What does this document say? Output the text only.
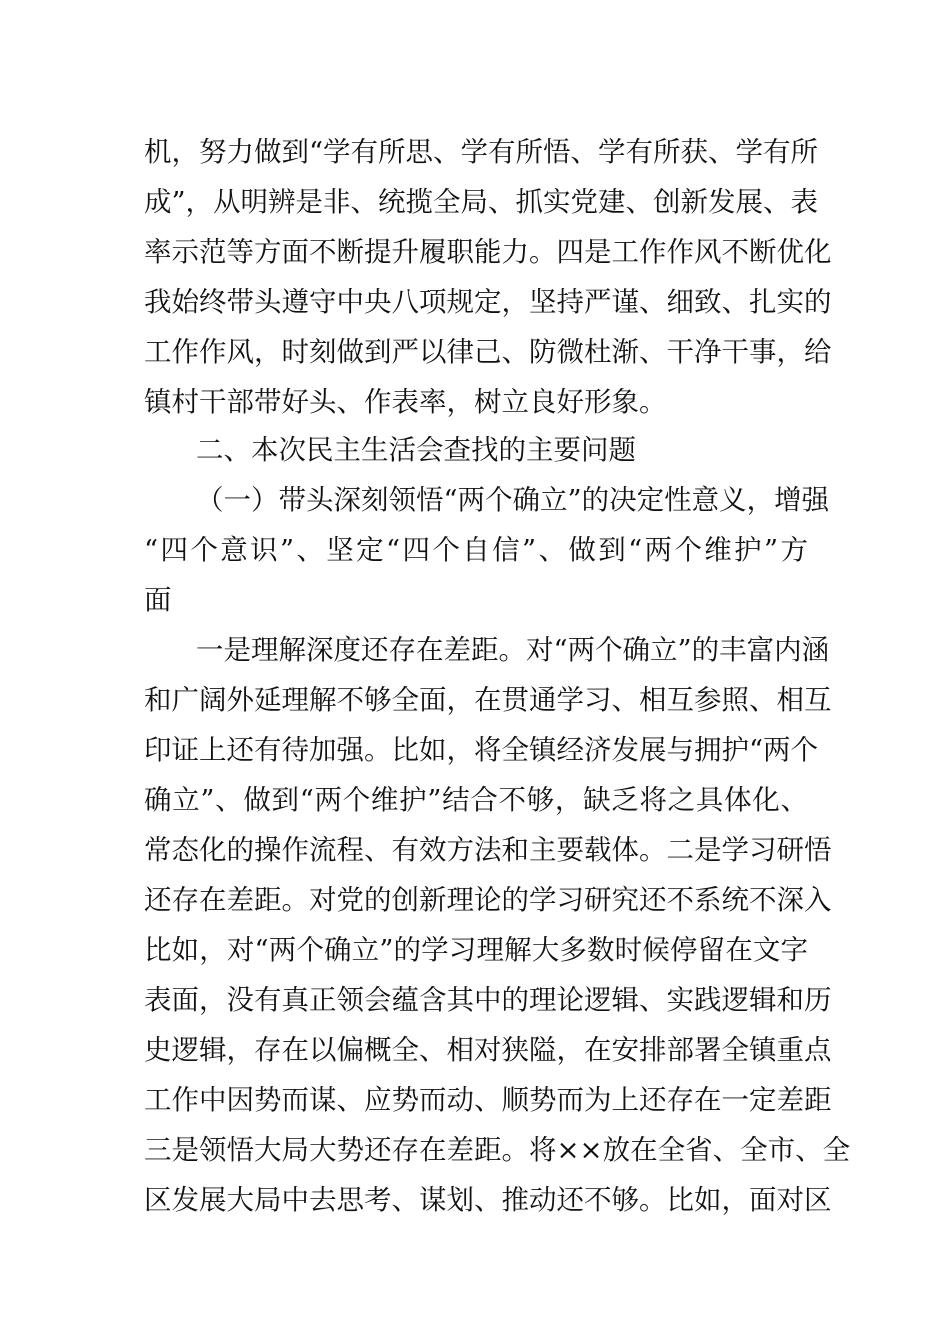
机，努力做到“学有所思、学有所悟、学有所获、学有所
成”，从明辨是非、统揽全局、抓实党建、创新发展、表
率示范等方面不断提升履职能力。四是工作作风不断优化
我始终带头遵守中央八项规定，坚持严谨、细致、扎实的
工作作风，时刻做到严以律己、防微杜渐、干净干事，给
镇村干部带好头、作表率，树立良好形象。
二、本次民主生活会查找的主要问题
（一）带头深刻领悟“两个确立”的决定性意义，增强
“四个意识”、坚定“四个自信”、做到“两个维护”方
面
一是理解深度还存在差距。对“两个确立”的丰富内涵
和广阔外延理解不够全面，在贯通学习、相互参照、相互
印证上还有待加强。比如，将全镇经济发展与拥护“两个
确立”、做到“两个维护”结合不够，缺乏将之具体化、
常态化的操作流程、有效方法和主要载体。二是学习研悟
还存在差距。对党的创新理论的学习研究还不系统不深入
比如，对“两个确立”的学习理解大多数时候停留在文字
表面，没有真正领会蕴含其中的理论逻辑、实践逻辑和历
史逻辑，存在以偏概全、相对狭隘，在安排部署全镇重点
工作中因势而谋、应势而动、顺势而为上还存在一定差距
三是领悟大局大势还存在差距。将××放在全省、全市、全
区发展大局中去思考、谋划、推动还不够。比如，面对区
